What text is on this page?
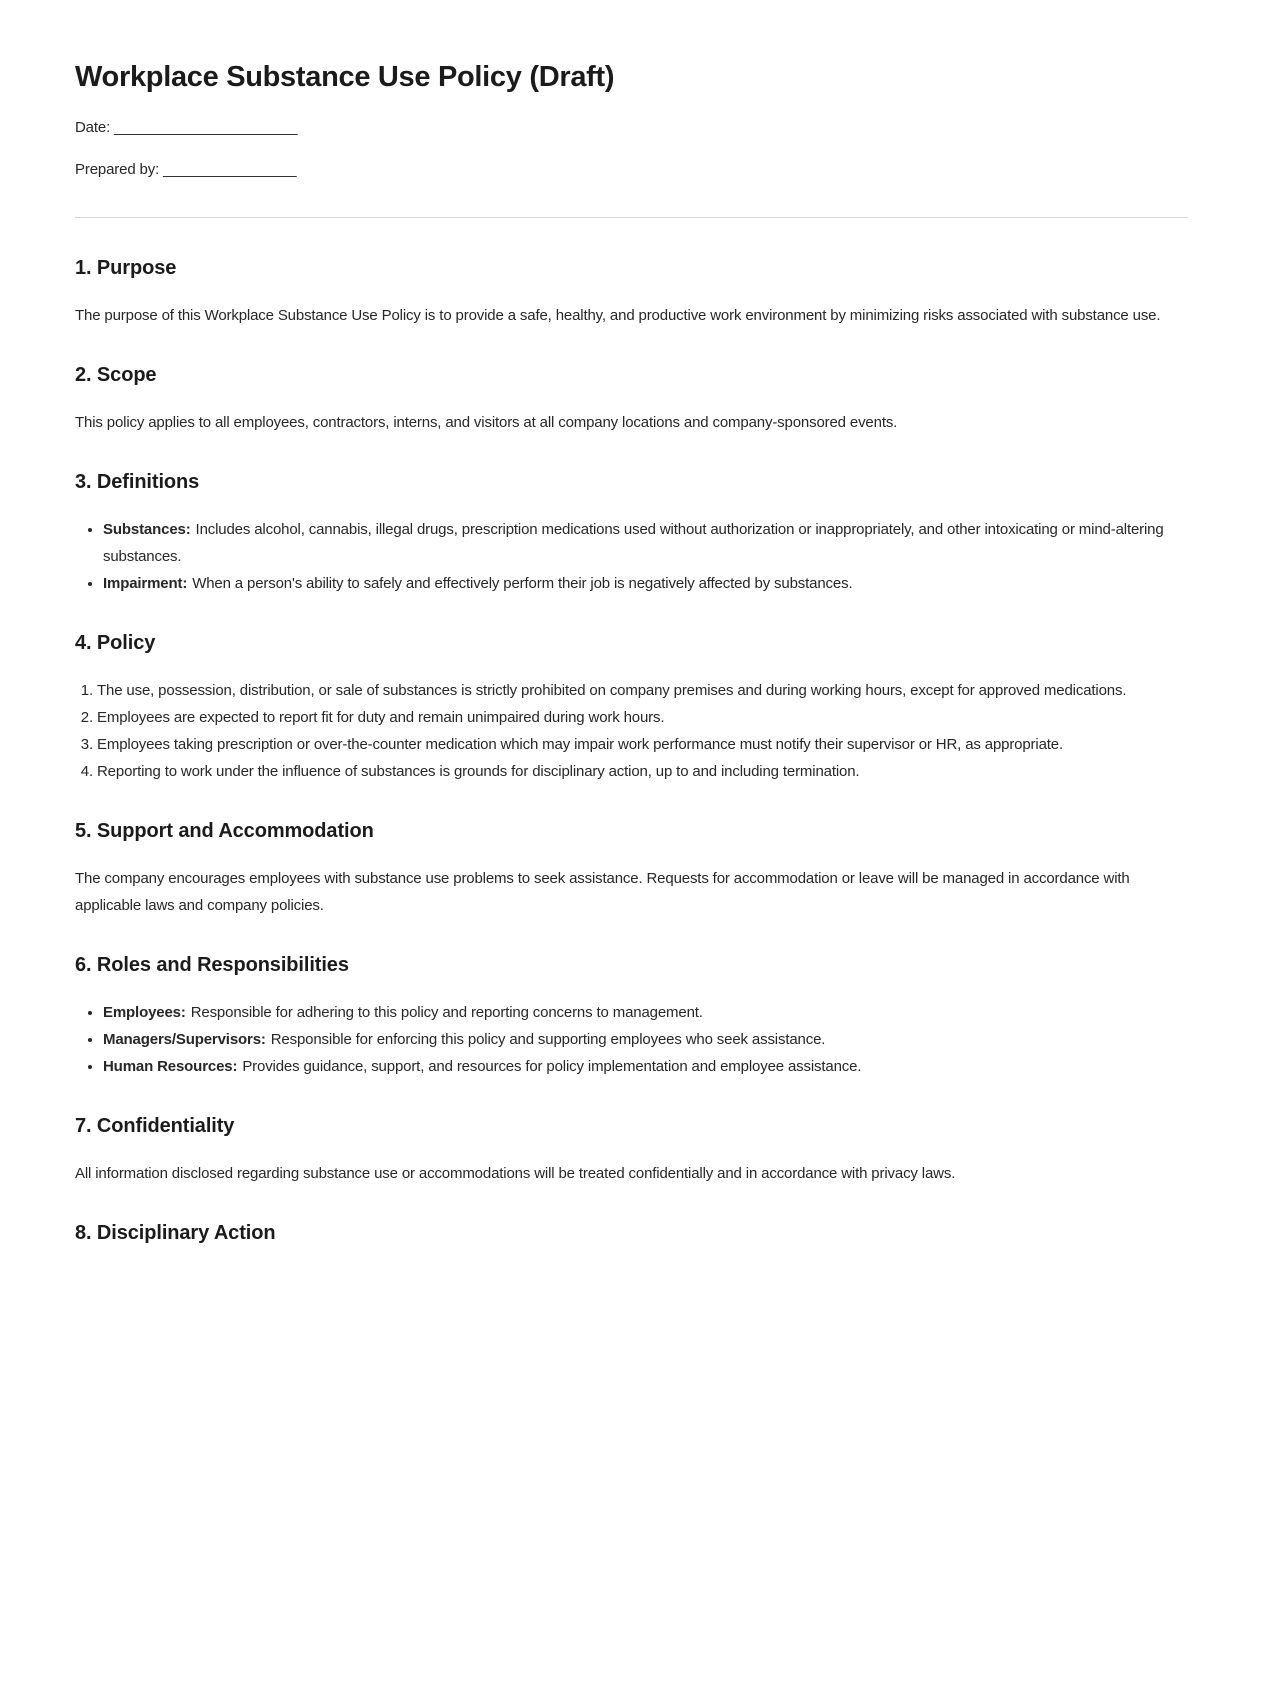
Workplace Substance Use Policy (Draft)

Date: ______________________

Prepared by: ________________

1. Purpose

The purpose of this Workplace Substance Use Policy is to provide a safe, healthy, and productive work environment by minimizing risks associated with substance use.

2. Scope

This policy applies to all employees, contractors, interns, and visitors at all company locations and company-sponsored events.

3. Definitions
• Substances: Includes alcohol, cannabis, illegal drugs, prescription medications used without authorization or inappropriately, and other intoxicating or mind-altering substances.
• Impairment: When a person's ability to safely and effectively perform their job is negatively affected by substances.
4. Policy
1. The use, possession, distribution, or sale of substances is strictly prohibited on company premises and during working hours, except for approved medications.
2. Employees are expected to report fit for duty and remain unimpaired during work hours.
3. Employees taking prescription or over-the-counter medication which may impair work performance must notify their supervisor or HR, as appropriate.
4. Reporting to work under the influence of substances is grounds for disciplinary action, up to and including termination.
5. Support and Accommodation

The company encourages employees with substance use problems to seek assistance. Requests for accommodation or leave will be managed in accordance with applicable laws and company policies.

6. Roles and Responsibilities
• Employees: Responsible for adhering to this policy and reporting concerns to management.
• Managers/Supervisors: Responsible for enforcing this policy and supporting employees who seek assistance.
• Human Resources: Provides guidance, support, and resources for policy implementation and employee assistance.
7. Confidentiality

All information disclosed regarding substance use or accommodations will be treated confidentially and in accordance with privacy laws.

8. Disciplinary Action
